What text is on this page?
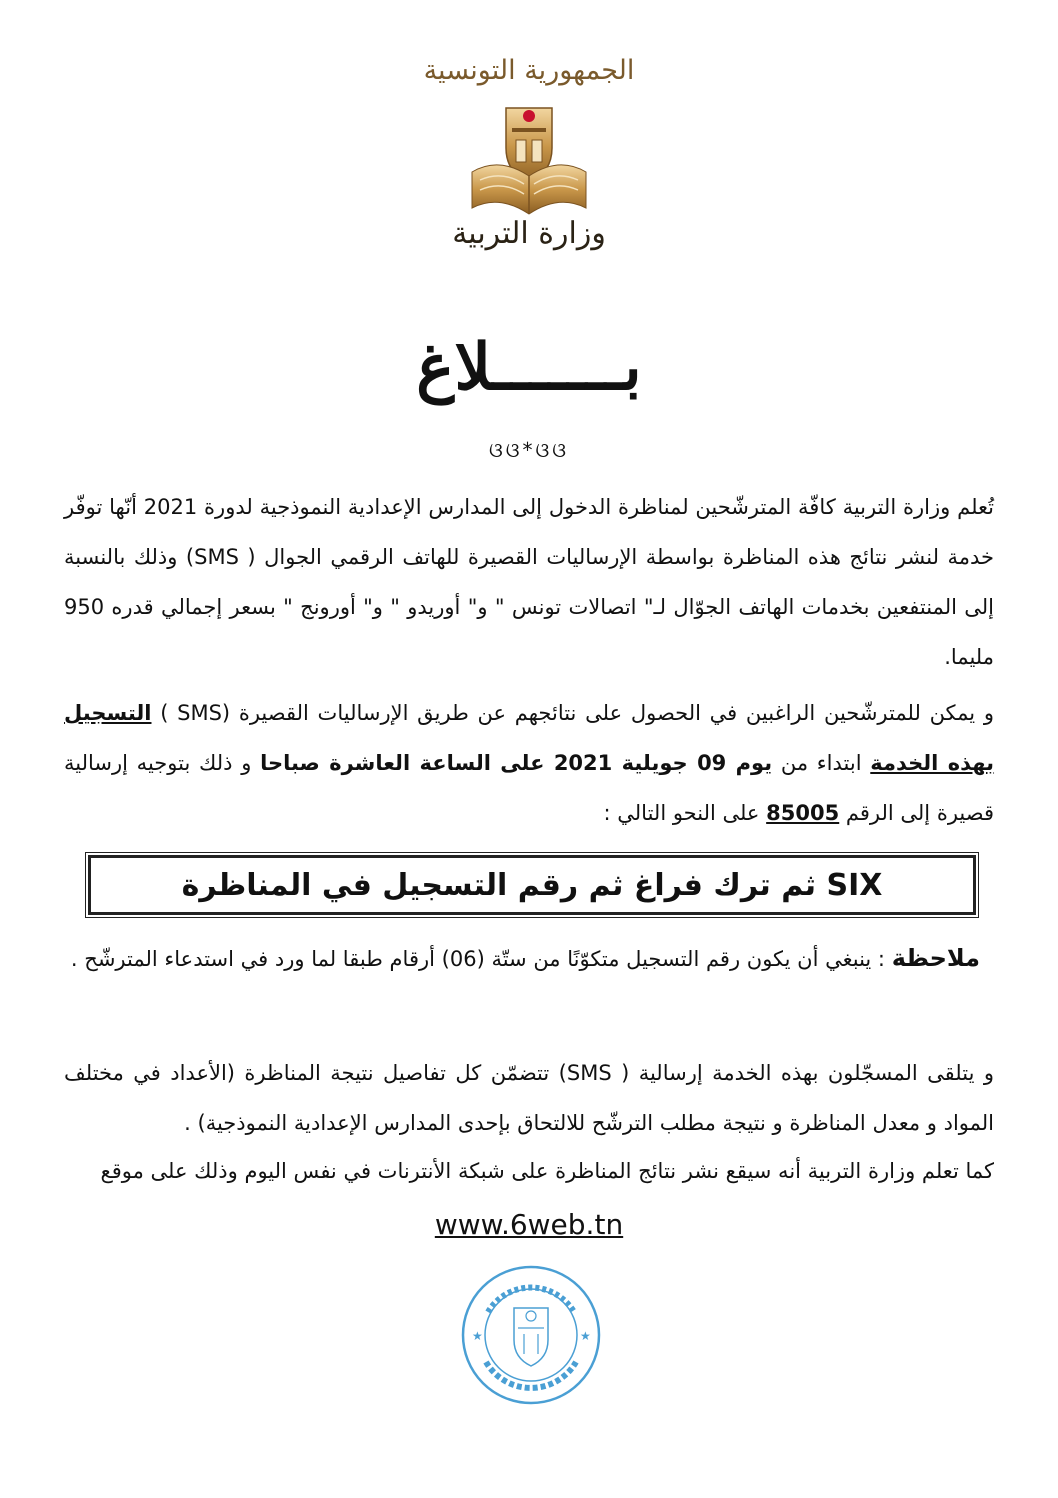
الجمهورية التونسية
وزارة التربية
بـــــــلاغ
ଓଓ*ଓଓ
تُعلم وزارة التربية كافّة المترشّحين لمناظرة الدخول إلى المدارس الإعدادية النموذجية لدورة 2021 أنّها توفّر خدمة لنشر نتائج هذه المناظرة بواسطة الإرساليات القصيرة للهاتف الرقمي الجوال ( SMS) وذلك بالنسبة إلى المنتفعين بخدمات الهاتف الجوّال لـ" اتصالات تونس " و" أوريدو " و" أورونج " بسعر إجمالي قدره 950 مليما.
و يمكن للمترشّحين الراغبين في الحصول على نتائجهم عن طريق الإرساليات القصيرة (SMS ) التسجيل بهذه الخدمة ابتداء من يوم 09 جويلية 2021 على الساعة العاشرة صباحا و ذلك بتوجيه إرسالية قصيرة إلى الرقم 85005 على النحو التالي :
SIX ثم ترك فراغ ثم رقم التسجيل في المناظرة
ملاحظة : ينبغي أن يكون رقم التسجيل متكوّنًا من ستّة (06) أرقام طبقا لما ورد في استدعاء المترشّح .
و يتلقى المسجّلون بهذه الخدمة إرسالية ( SMS) تتضمّن كل تفاصيل نتيجة المناظرة (الأعداد في مختلف المواد و معدل المناظرة و نتيجة مطلب الترشّح للالتحاق بإحدى المدارس الإعدادية النموذجية) .
كما تعلم وزارة التربية أنه سيقع نشر نتائج المناظرة على شبكة الأنترنات في نفس اليوم وذلك على موقع
www.6web.tn
★	★
